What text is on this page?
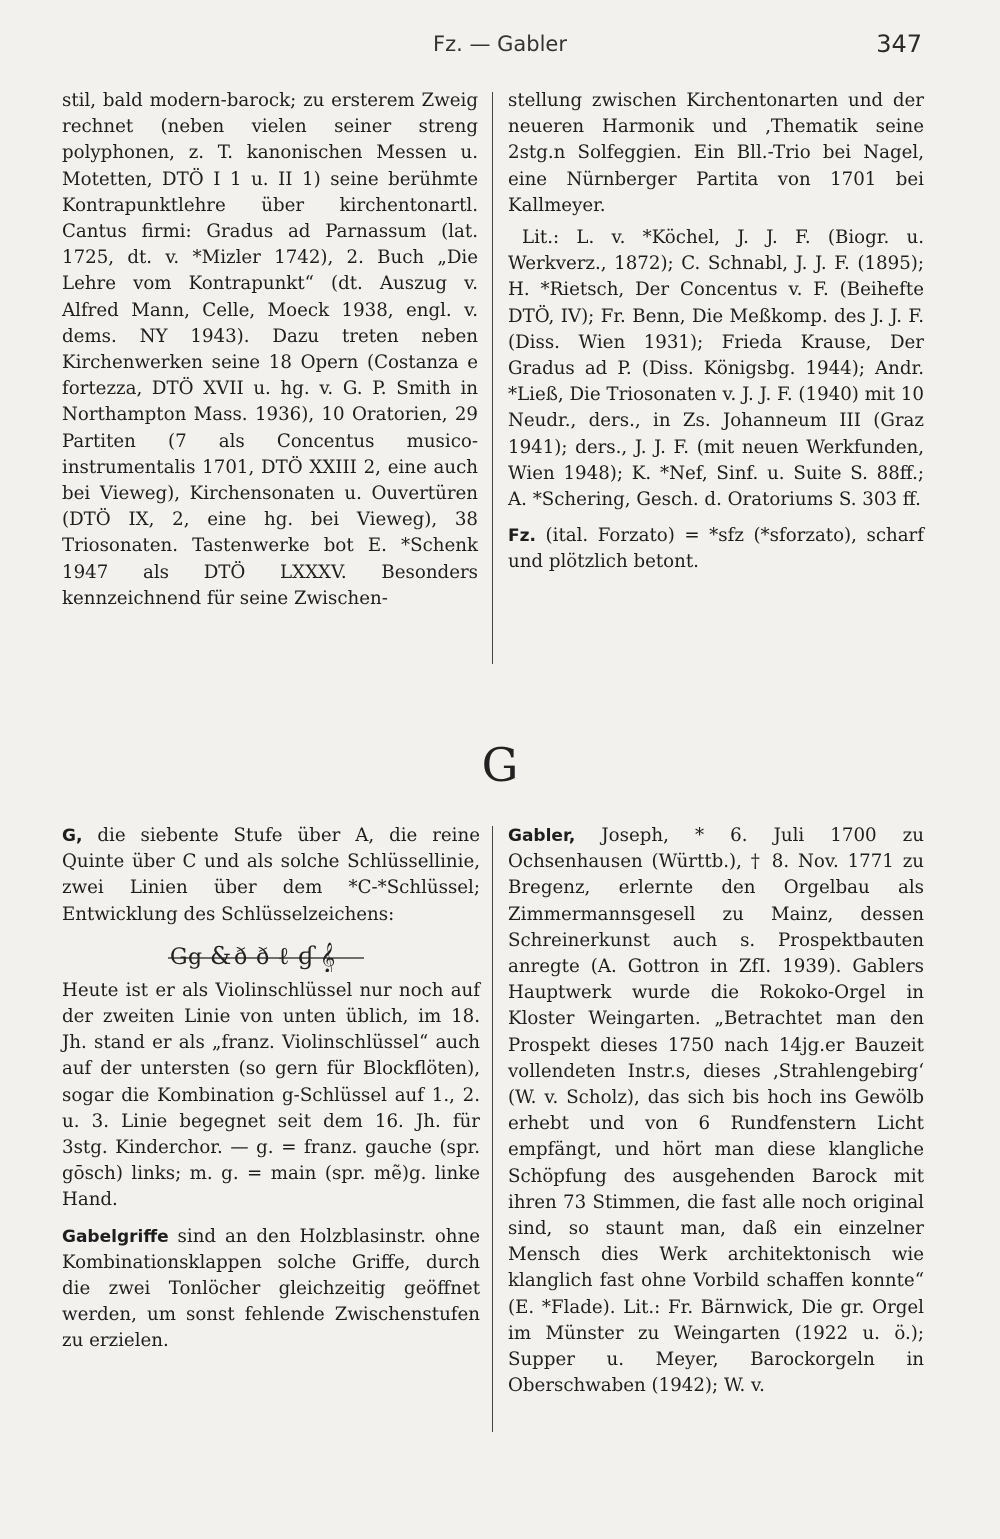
Fz. — Gabler	347

stil, bald modern-barock; zu ersterem Zweig rechnet (neben vielen seiner streng polyphonen, z. T. kanonischen Messen u. Motetten, DTÖ I 1 u. II 1) seine berühmte Kontrapunktlehre über kirchentonartl. Cantus firmi: Gradus ad Parnassum (lat. 1725, dt. v. *Mizler 1742), 2. Buch „Die Lehre vom Kontrapunkt“ (dt. Auszug v. Alfred Mann, Celle, Moeck 1938, engl. v. dems. NY 1943). Dazu treten neben Kirchenwerken seine 18 Opern (Costanza e fortezza, DTÖ XVII u. hg. v. G. P. Smith in Northampton Mass. 1936), 10 Oratorien, 29 Partiten (7 als Concentus musico-instrumentalis 1701, DTÖ XXIII 2, eine auch bei Vieweg), Kirchensonaten u. Ouvertüren (DTÖ IX, 2, eine hg. bei Vieweg), 38 Triosonaten. Tastenwerke bot E. *Schenk 1947 als DTÖ LXXXV. Besonders kennzeichnend für seine Zwischen-

stellung zwischen Kirchentonarten und der neueren Harmonik und ‚Thematik seine 2stg.n Solfeggien. Ein Bll.-Trio bei Nagel, eine Nürnberger Partita von 1701 bei Kallmeyer.

Lit.: L. v. *Köchel, J. J. F. (Biogr. u. Werkverz., 1872); C. Schnabl, J. J. F. (1895); H. *Rietsch, Der Concentus v. F. (Beihefte DTÖ, IV); Fr. Benn, Die Meßkomp. des J. J. F. (Diss. Wien 1931); Frieda Krause, Der Gradus ad P. (Diss. Königsbg. 1944); Andr. *Ließ, Die Triosonaten v. J. J. F. (1940) mit 10 Neudr., ders., in Zs. Johanneum III (Graz 1941); ders., J. J. F. (mit neuen Werkfunden, Wien 1948); K. *Nef, Sinf. u. Suite S. 88ff.; A. *Schering, Gesch. d. Oratoriums S. 303 ff.

Fz. (ital. Forzato) = *sfz (*sforzato), scharf und plötzlich betont.

G

G, die siebente Stufe über A, die reine Quinte über C und als solche Schlüssellinie, zwei Linien über dem *C-*Schlüssel; Entwicklung des Schlüsselzeichens:

G g & ð ð ℓ ɠ 𝄞

Heute ist er als Violinschlüssel nur noch auf der zweiten Linie von unten üblich, im 18. Jh. stand er als „franz. Violinschlüssel“ auch auf der untersten (so gern für Blockflöten), sogar die Kombination g-Schlüssel auf 1., 2. u. 3. Linie begegnet seit dem 16. Jh. für 3stg. Kinderchor. — g. = franz. gauche (spr. gōsch) links; m. g. = main (spr. mẽ)g. linke Hand.

Gabelgriffe sind an den Holzblasinstr. ohne Kombinationsklappen solche Griffe, durch die zwei Tonlöcher gleichzeitig geöffnet werden, um sonst fehlende Zwischenstufen zu erzielen.

Gabler, Joseph, * 6. Juli 1700 zu Ochsenhausen (Württb.), † 8. Nov. 1771 zu Bregenz, erlernte den Orgelbau als Zimmermannsgesell zu Mainz, dessen Schreinerkunst auch s. Prospektbauten anregte (A. Gottron in ZfI. 1939). Gablers Hauptwerk wurde die Rokoko-Orgel in Kloster Weingarten. „Betrachtet man den Prospekt dieses 1750 nach 14jg.er Bauzeit vollendeten Instr.s, dieses ‚Strahlengebirg‘ (W. v. Scholz), das sich bis hoch ins Gewölb erhebt und von 6 Rundfenstern Licht empfängt, und hört man diese klangliche Schöpfung des ausgehenden Barock mit ihren 73 Stimmen, die fast alle noch original sind, so staunt man, daß ein einzelner Mensch dies Werk architektonisch wie klanglich fast ohne Vorbild schaffen konnte“ (E. *Flade). Lit.: Fr. Bärnwick, Die gr. Orgel im Münster zu Weingarten (1922 u. ö.); Supper u. Meyer, Barockorgeln in Oberschwaben (1942); W. v.
